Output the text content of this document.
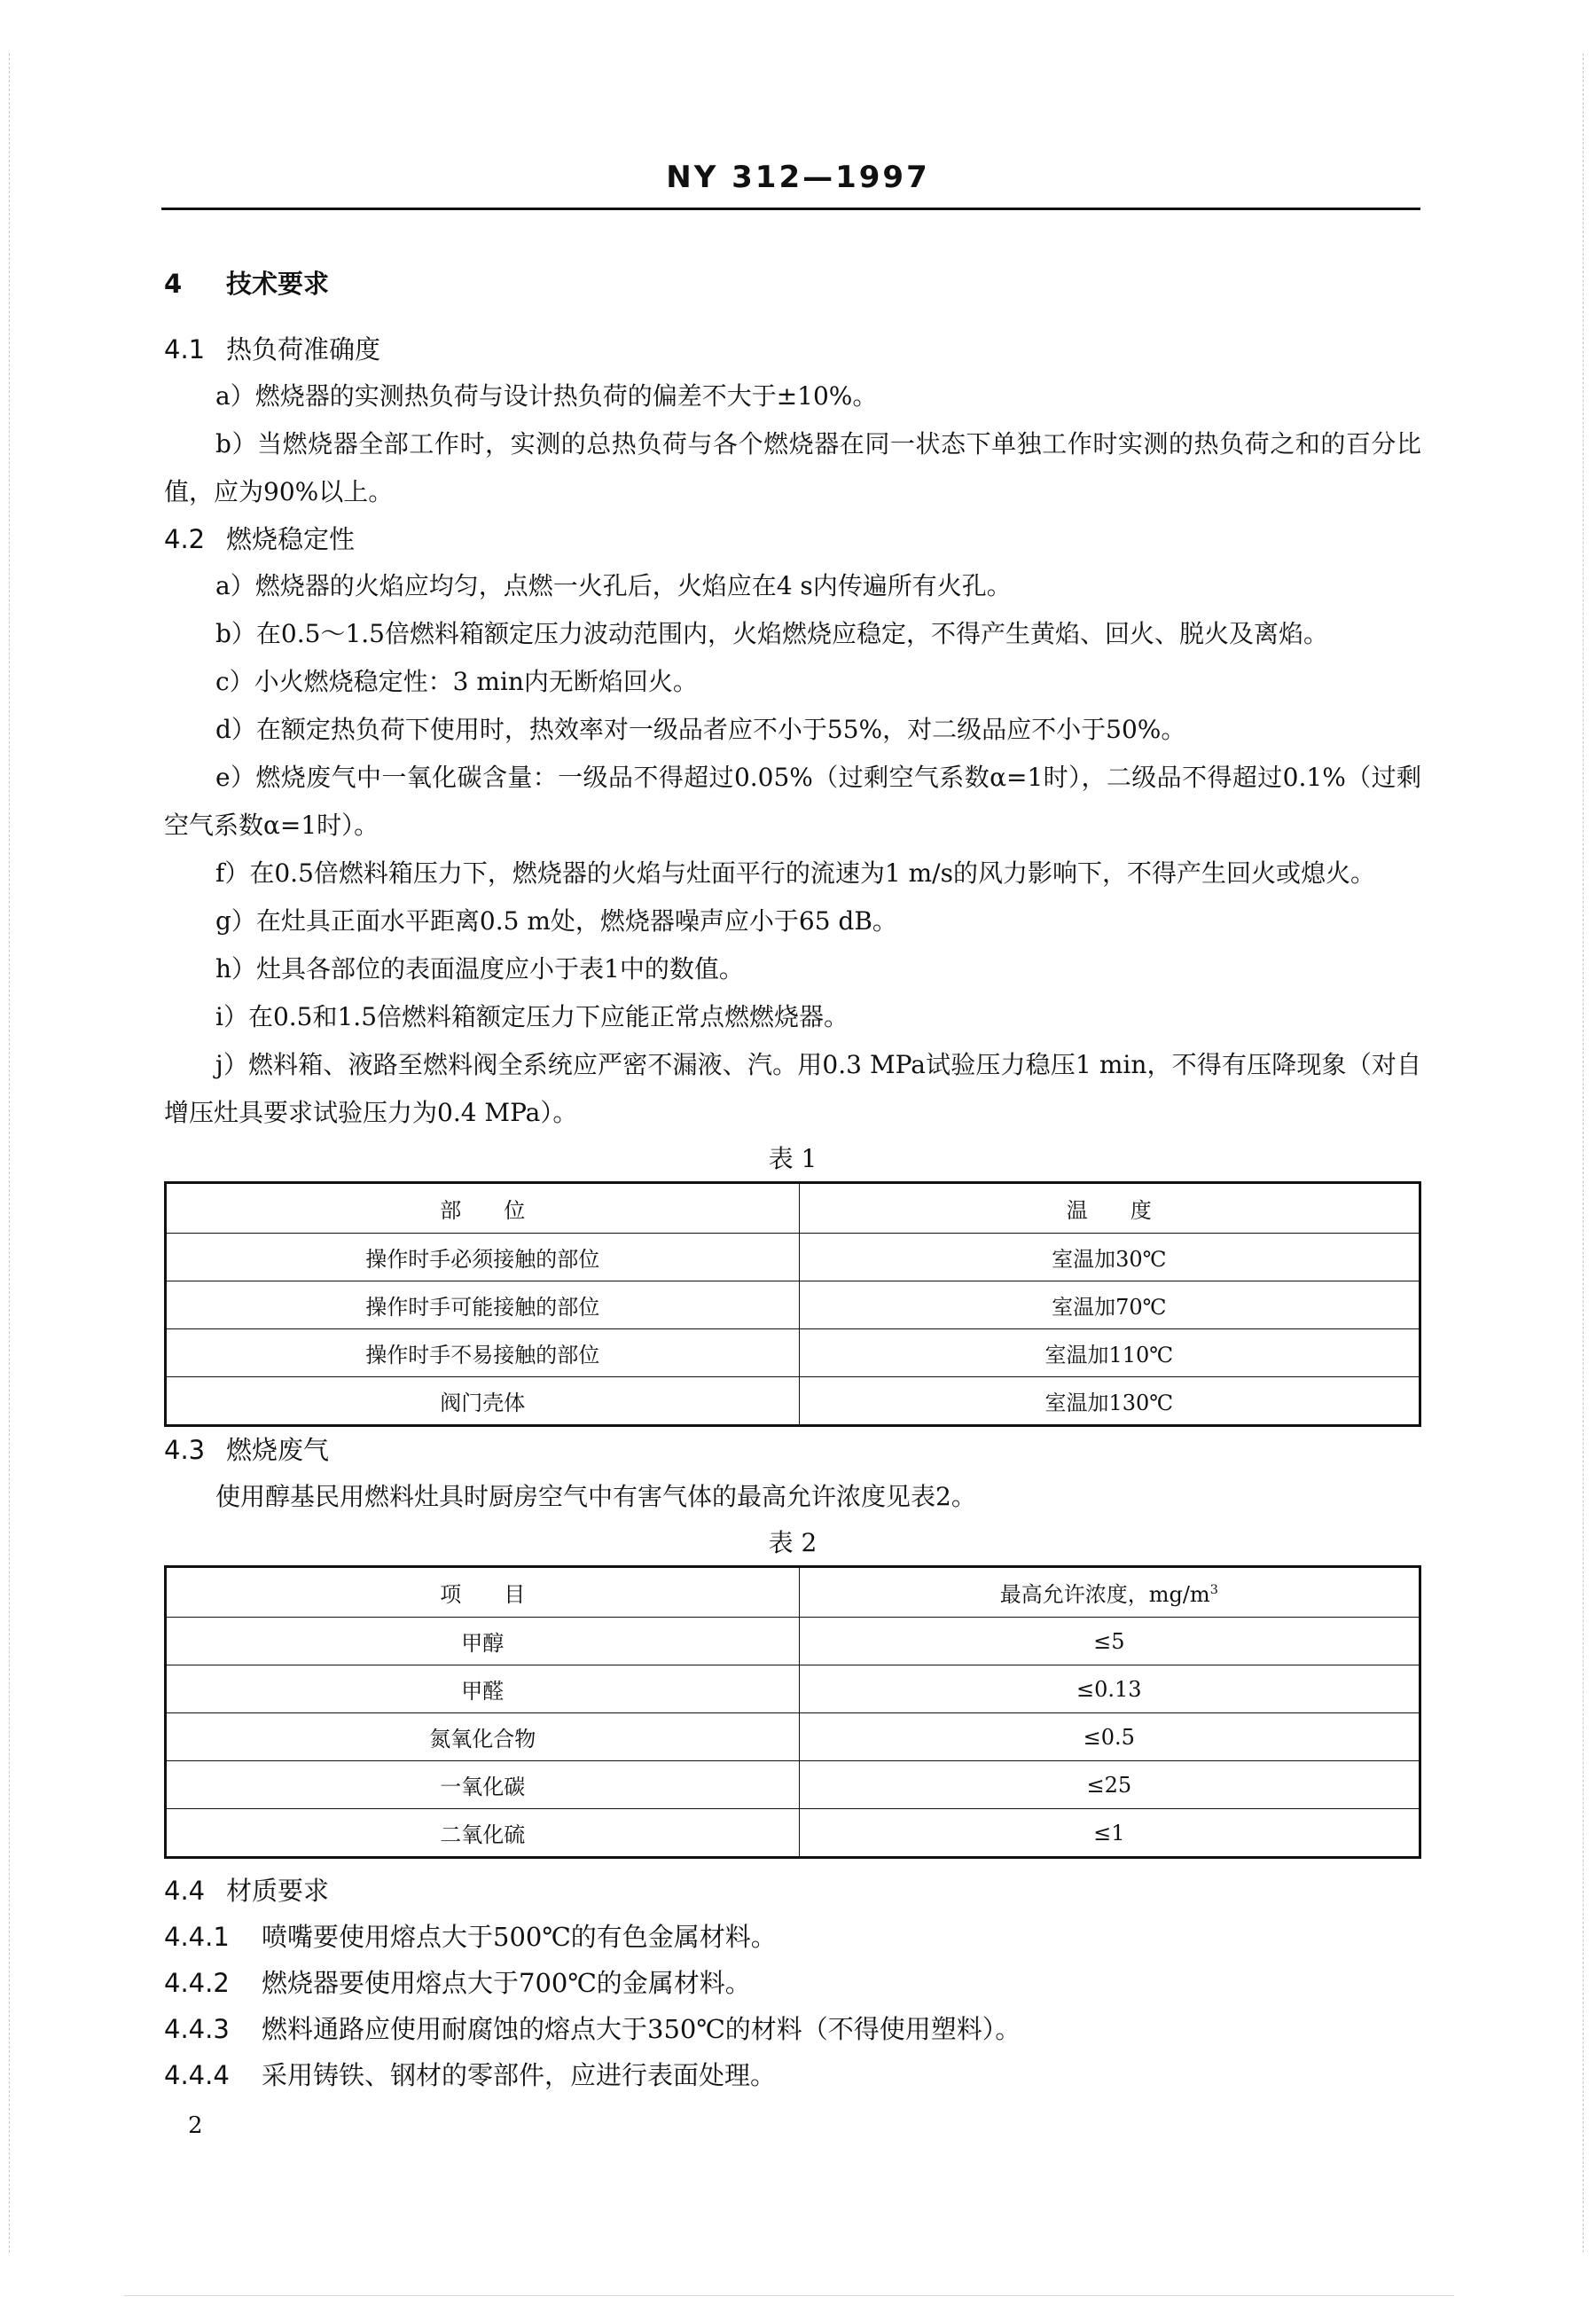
NY 312—1997
4 技术要求
4.1 热负荷准确度

a）燃烧器的实测热负荷与设计热负荷的偏差不大于±10%。

b）当燃烧器全部工作时，实测的总热负荷与各个燃烧器在同一状态下单独工作时实测的热负荷之和的百分比值，应为90%以上。

4.2 燃烧稳定性

a）燃烧器的火焰应均匀，点燃一火孔后，火焰应在4 s内传遍所有火孔。

b）在0.5～1.5倍燃料箱额定压力波动范围内，火焰燃烧应稳定，不得产生黄焰、回火、脱火及离焰。

c）小火燃烧稳定性：3 min内无断焰回火。

d）在额定热负荷下使用时，热效率对一级品者应不小于55%，对二级品应不小于50%。

e）燃烧废气中一氧化碳含量：一级品不得超过0.05%（过剩空气系数α=1时），二级品不得超过0.1%（过剩空气系数α=1时）。

f）在0.5倍燃料箱压力下，燃烧器的火焰与灶面平行的流速为1 m/s的风力影响下，不得产生回火或熄火。

g）在灶具正面水平距离0.5 m处，燃烧器噪声应小于65 dB。

h）灶具各部位的表面温度应小于表1中的数值。

i）在0.5和1.5倍燃料箱额定压力下应能正常点燃燃烧器。

j）燃料箱、液路至燃料阀全系统应严密不漏液、汽。用0.3 MPa试验压力稳压1 min，不得有压降现象（对自增压灶具要求试验压力为0.4 MPa）。

表 1
部　　位	温　　度
操作时手必须接触的部位	室温加30℃
操作时手可能接触的部位	室温加70℃
操作时手不易接触的部位	室温加110℃
阀门壳体	室温加130℃
4.3 燃烧废气

使用醇基民用燃料灶具时厨房空气中有害气体的最高允许浓度见表2。

表 2
项　　目	最高允许浓度，$mg/m^3$
甲醇	≤5
甲醛	≤0.13
氮氧化合物	≤0.5
一氧化碳	≤25
二氧化硫	≤1
4.4 材质要求
4.4.1 喷嘴要使用熔点大于500℃的有色金属材料。
4.4.2 燃烧器要使用熔点大于700℃的金属材料。
4.4.3 燃料通路应使用耐腐蚀的熔点大于350℃的材料（不得使用塑料）。
4.4.4 采用铸铁、钢材的零部件，应进行表面处理。
2
